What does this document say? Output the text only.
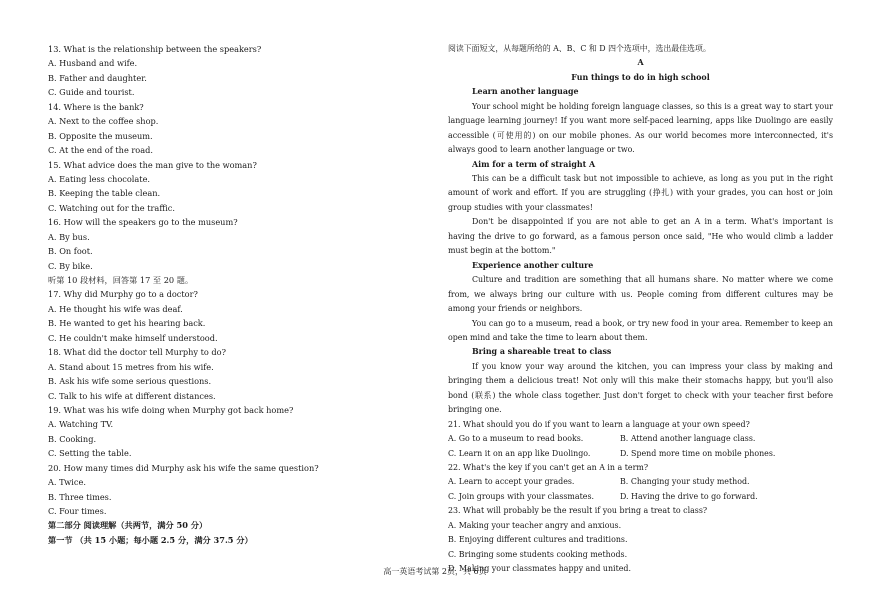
13. What is the relationship between the speakers?
A. Husband and wife.
B. Father and daughter.
C. Guide and tourist.
14. Where is the bank?
A. Next to the coffee shop.
B. Opposite the museum.
C. At the end of the road.
15. What advice does the man give to the woman?
A. Eating less chocolate.
B. Keeping the table clean.
C. Watching out for the traffic.
16. How will the speakers go to the museum?
A. By bus.
B. On foot.
C. By bike.
听第 10 段材料，回答第 17 至 20 题。
17. Why did Murphy go to a doctor?
A. He thought his wife was deaf.
B. He wanted to get his hearing back.
C. He couldn't make himself understood.
18. What did the doctor tell Murphy to do?
A. Stand about 15 metres from his wife.
B. Ask his wife some serious questions.
C. Talk to his wife at different distances.
19. What was his wife doing when Murphy got back home?
A. Watching TV.
B. Cooking.
C. Setting the table.
20. How many times did Murphy ask his wife the same question?
A. Twice.
B. Three times.
C. Four times.
第二部分 阅读理解（共两节，满分 50 分）
第一节 （共 15 小题；每小题 2.5 分，满分 37.5 分）
阅读下面短文，从每题所给的 A、B、C 和 D 四个选项中，选出最佳选项。
A
Fun things to do in high school
Learn another language
Your school might be holding foreign language classes, so this is a great way to start your language learning journey! If you want more self-paced learning, apps like Duolingo are easily accessible (可使用的) on our mobile phones. As our world becomes more interconnected, it's always good to learn another language or two.
Aim for a term of straight A
This can be a difficult task but not impossible to achieve, as long as you put in the right amount of work and effort. If you are struggling (挣扎) with your grades, you can host or join group studies with your classmates!
Don't be disappointed if you are not able to get an A in a term. What's important is having the drive to go forward, as a famous person once said, "He who would climb a ladder must begin at the bottom."
Experience another culture
Culture and tradition are something that all humans share. No matter where we come from, we always bring our culture with us. People coming from different cultures may be among your friends or neighbors.
You can go to a museum, read a book, or try new food in your area. Remember to keep an open mind and take the time to learn about them.
Bring a shareable treat to class
If you know your way around the kitchen, you can impress your class by making and bringing them a delicious treat! Not only will this make their stomachs happy, but you'll also bond (联系) the whole class together. Just don't forget to check with your teacher first before bringing one.
21. What should you do if you want to learn a language at your own speed?
A. Go to a museum to read books.	B. Attend another language class.
C. Learn it on an app like Duolingo.	D. Spend more time on mobile phones.
22. What's the key if you can't get an A in a term?
A. Learn to accept your grades.	B. Changing your study method.
C. Join groups with your classmates.	D. Having the drive to go forward.
23. What will probably be the result if you bring a treat to class?
A. Making your teacher angry and anxious.
B. Enjoying different cultures and traditions.
C. Bringing some students cooking methods.
D. Making your classmates happy and united.
高一英语考试第 2页，共 6页
